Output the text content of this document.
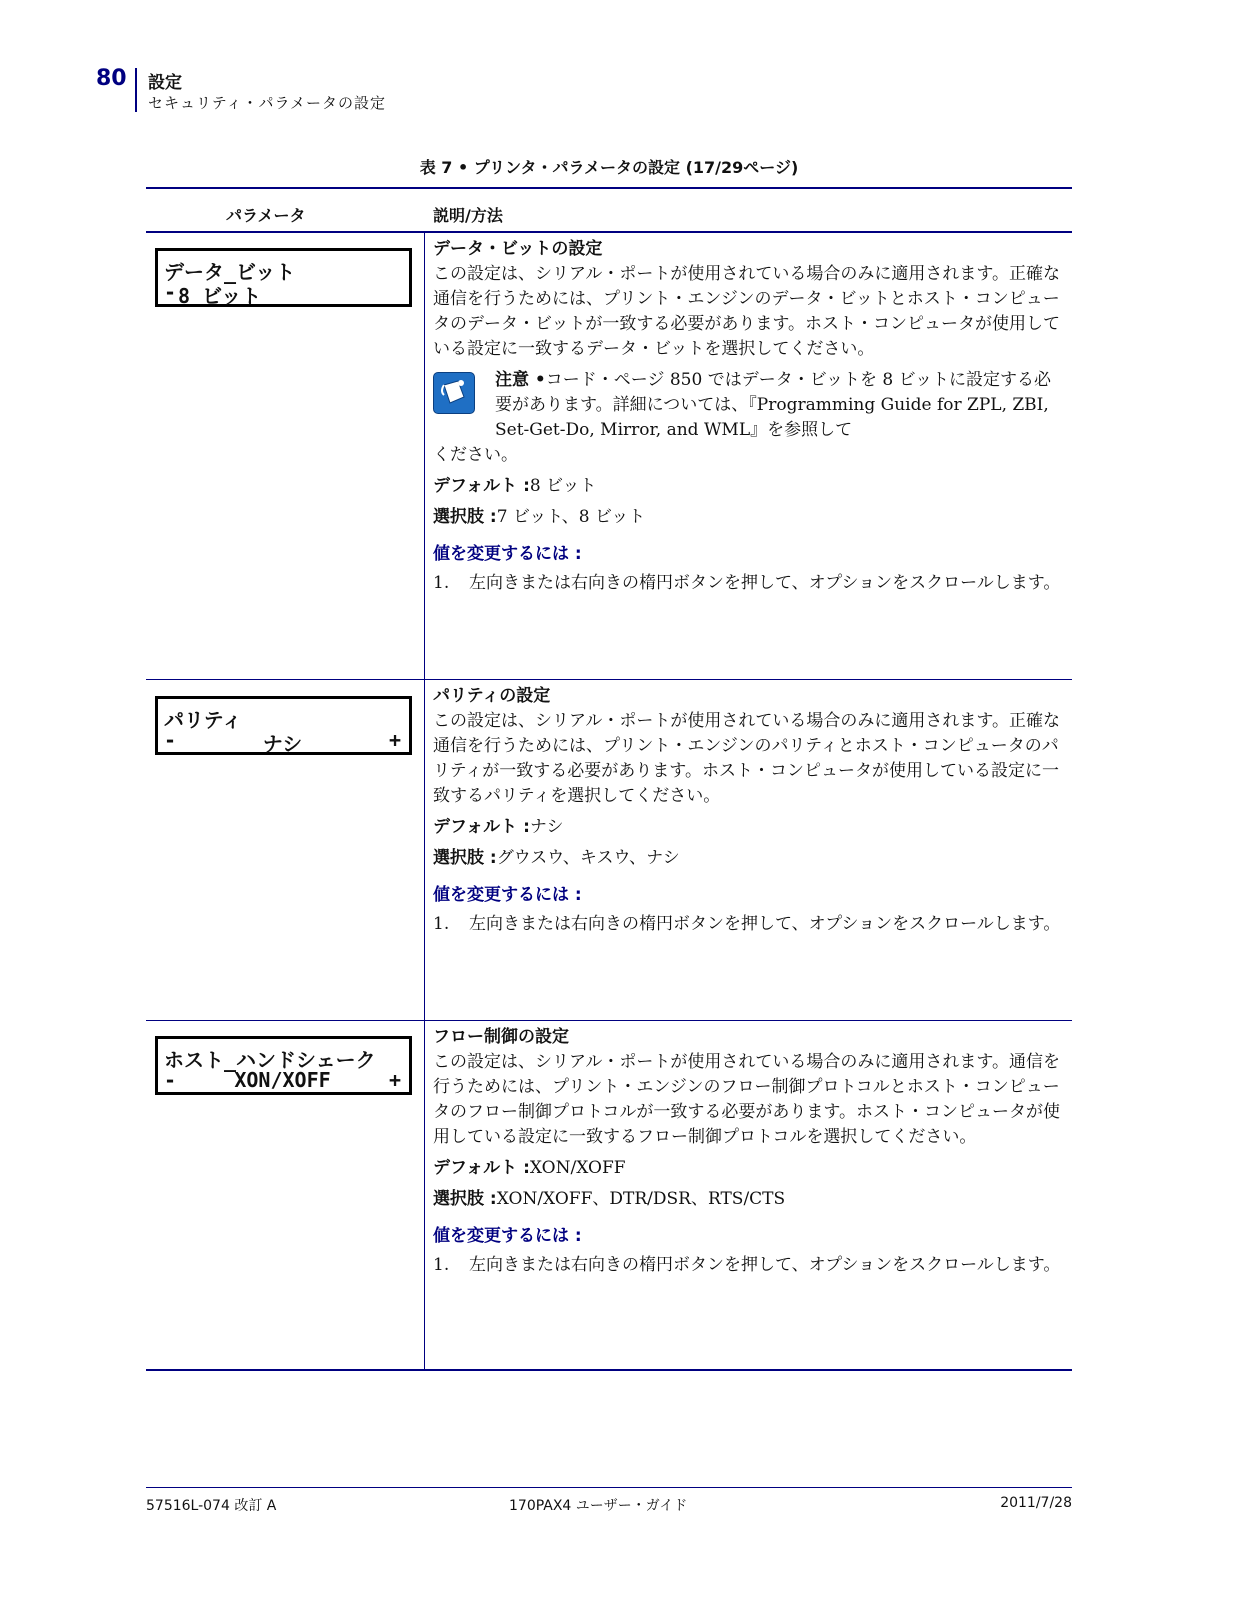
80 設定
セキュリティ・パラメータの設定
表 7 • プリンタ・パラメータの設定 (17/29ページ)
パラメータ	説明/方法
データ_ビット
- 8 ビット

データ・ビットの設定

この設定は、シリアル・ポートが使用されている場合のみに適用されます。正確な通信を行うためには、プリント・エンジンのデータ・ビットとホスト・コンピュータのデータ・ビットが一致する必要があります。ホスト・コンピュータが使用している設定に一致するデータ・ビットを選択してください。

注意 •コード・ページ 850 ではデータ・ビットを 8 ビットに設定する必要があります。詳細については、『Programming Guide for ZPL, ZBI, Set-Get-Do, Mirror, and WML』を参照して

ください。

デフォルト :8 ビット

選択肢 :7 ビット、8 ビット

値を変更するには :

1. 左向きまたは右向きの楕円ボタンを押して、オプションをスクロールします。
パリティ
-	ナシ	+

パリティの設定

この設定は、シリアル・ポートが使用されている場合のみに適用されます。正確な通信を行うためには、プリント・エンジンのパリティとホスト・コンピュータのパリティが一致する必要があります。ホスト・コンピュータが使用している設定に一致するパリティを選択してください。

デフォルト :ナシ

選択肢 :グウスウ、キスウ、ナシ

値を変更するには :

1. 左向きまたは右向きの楕円ボタンを押して、オプションをスクロールします。
ホスト_ハンドシェーク
-	XON/XOFF	+

フロー制御の設定

この設定は、シリアル・ポートが使用されている場合のみに適用されます。通信を行うためには、プリント・エンジンのフロー制御プロトコルとホスト・コンピュータのフロー制御プロトコルが一致する必要があります。ホスト・コンピュータが使用している設定に一致するフロー制御プロトコルを選択してください。

デフォルト :XON/XOFF

選択肢 :XON/XOFF、DTR/DSR、RTS/CTS

値を変更するには :

1. 左向きまたは右向きの楕円ボタンを押して、オプションをスクロールします。
57516L-074 改訂 A	170PAX4 ユーザー・ガイド	2011/7/28
